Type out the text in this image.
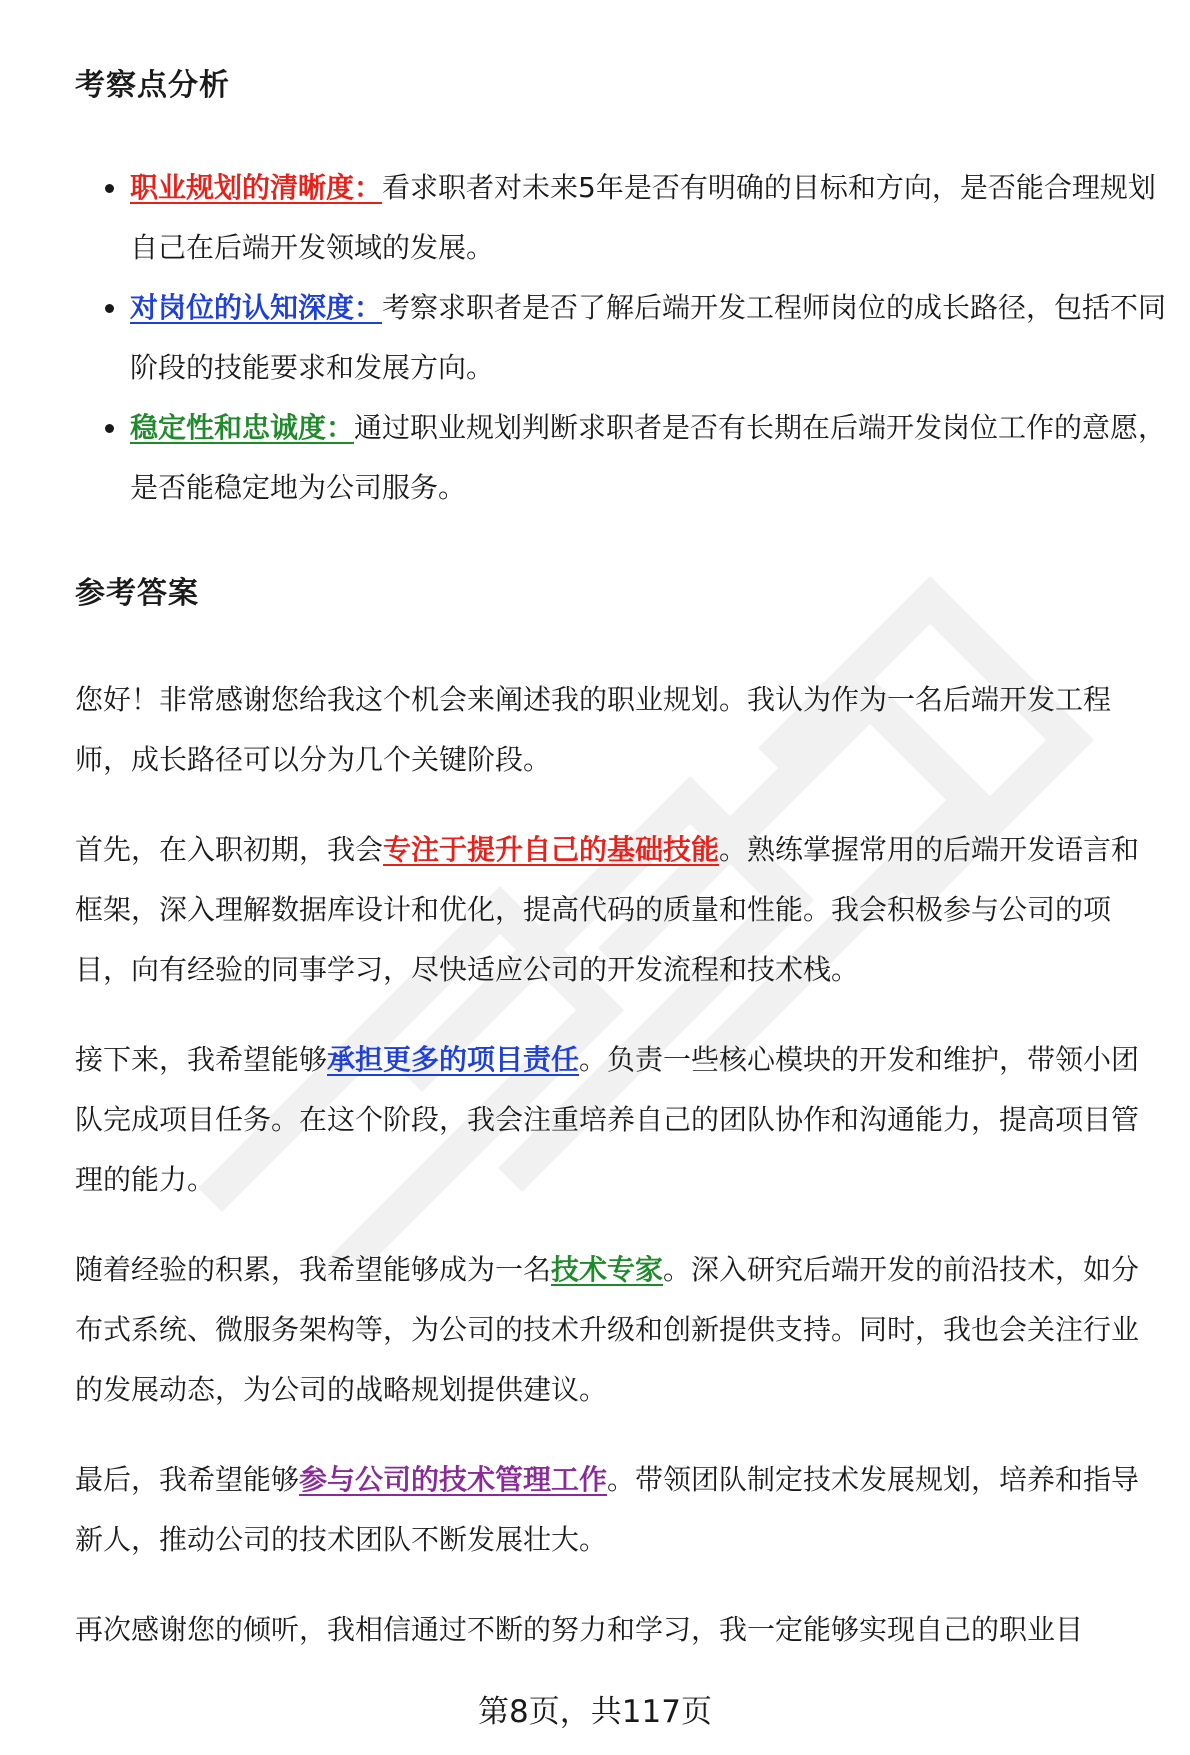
考察点分析
职业规划的清晰度：看求职者对未来5年是否有明确的目标和方向，是否能合理规划自己在后端开发领域的发展。
对岗位的认知深度：考察求职者是否了解后端开发工程师岗位的成长路径，包括不同阶段的技能要求和发展方向。
稳定性和忠诚度：通过职业规划判断求职者是否有长期在后端开发岗位工作的意愿，是否能稳定地为公司服务。
参考答案

您好！非常感谢您给我这个机会来阐述我的职业规划。我认为作为一名后端开发工程师，成长路径可以分为几个关键阶段。

首先，在入职初期，我会专注于提升自己的基础技能。熟练掌握常用的后端开发语言和框架，深入理解数据库设计和优化，提高代码的质量和性能。我会积极参与公司的项目，向有经验的同事学习，尽快适应公司的开发流程和技术栈。

接下来，我希望能够承担更多的项目责任。负责一些核心模块的开发和维护，带领小团队完成项目任务。在这个阶段，我会注重培养自己的团队协作和沟通能力，提高项目管理的能力。

随着经验的积累，我希望能够成为一名技术专家。深入研究后端开发的前沿技术，如分布式系统、微服务架构等，为公司的技术升级和创新提供支持。同时，我也会关注行业的发展动态，为公司的战略规划提供建议。

最后，我希望能够参与公司的技术管理工作。带领团队制定技术发展规划，培养和指导新人，推动公司的技术团队不断发展壮大。

再次感谢您的倾听，我相信通过不断的努力和学习，我一定能够实现自己的职业目

第8页，共117页
